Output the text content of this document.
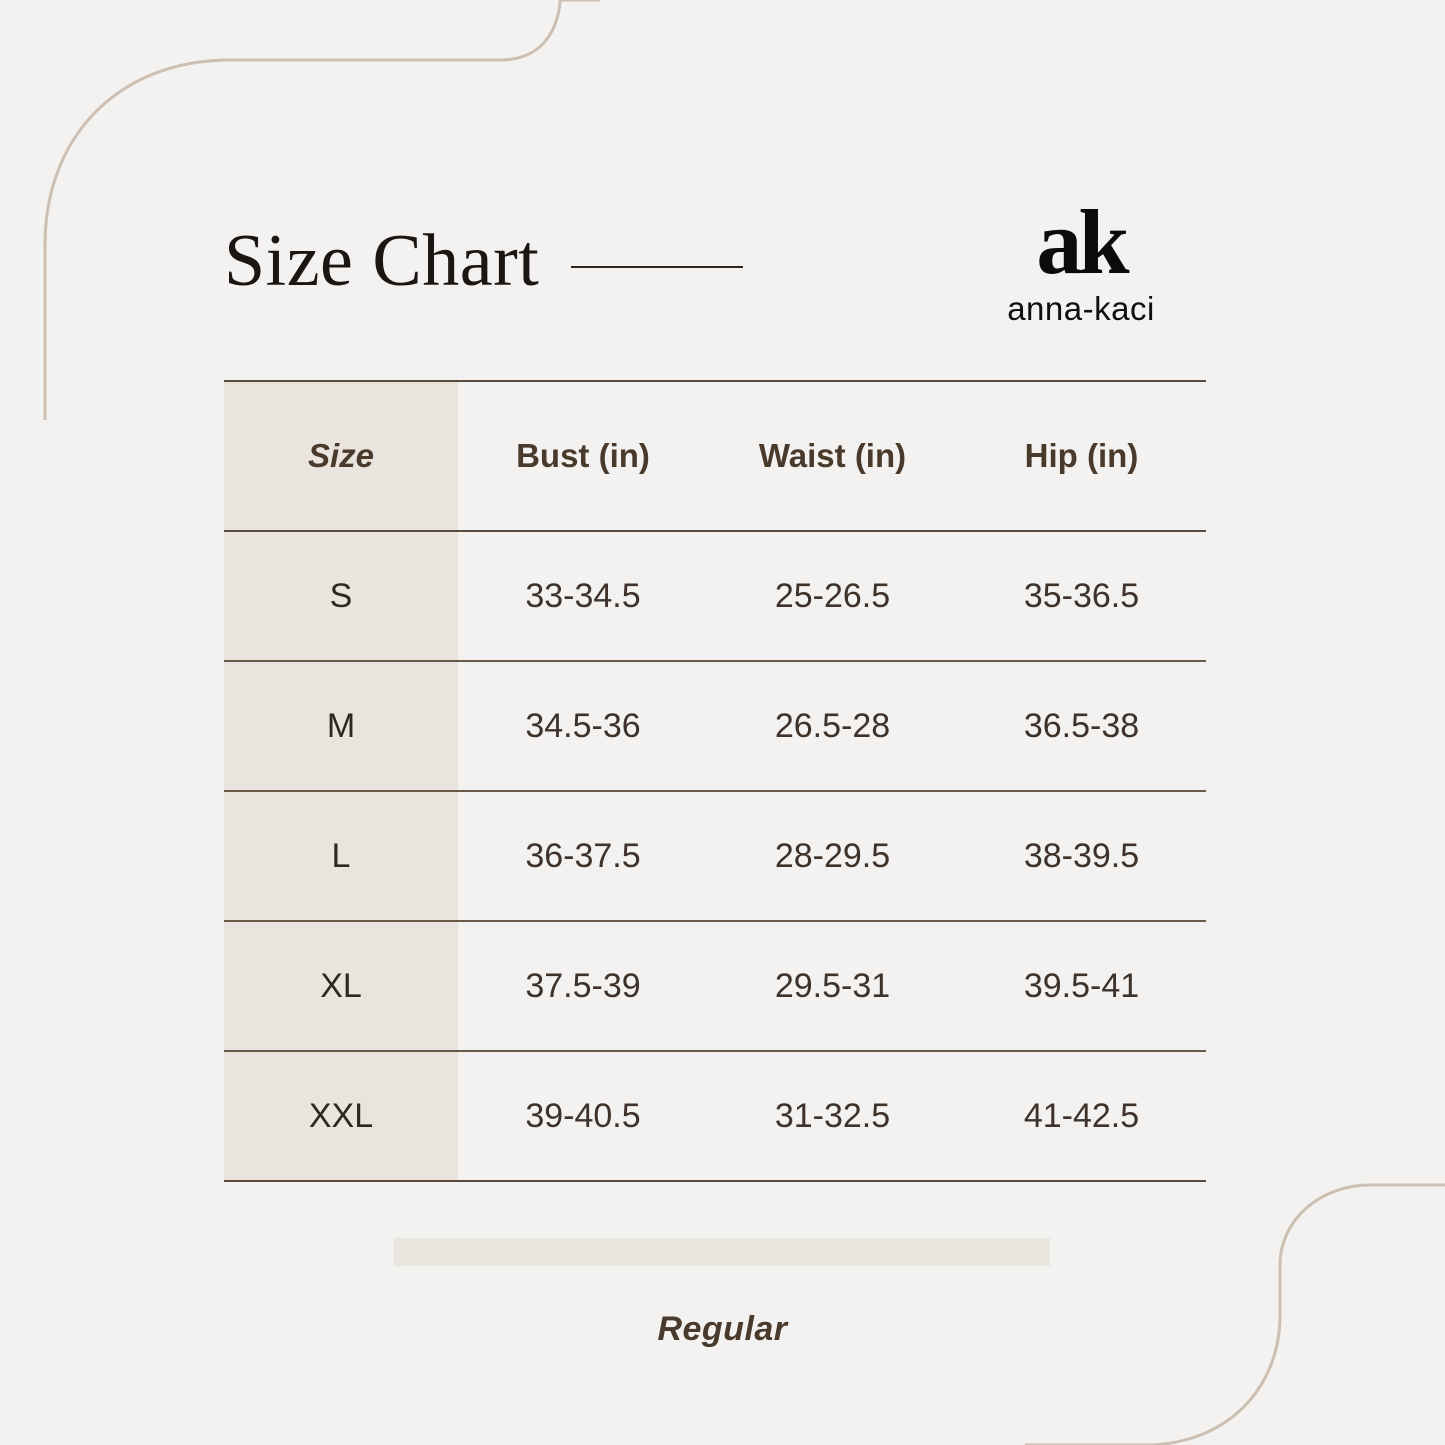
Size Chart	ak
anna-kaci
Size	Bust (in)	Waist (in)	Hip (in)
S	33-34.5	25-26.5	35-36.5
M	34.5-36	26.5-28	36.5-38
L	36-37.5	28-29.5	38-39.5
XL	37.5-39	29.5-31	39.5-41
XXL	39-40.5	31-32.5	41-42.5
Regular
